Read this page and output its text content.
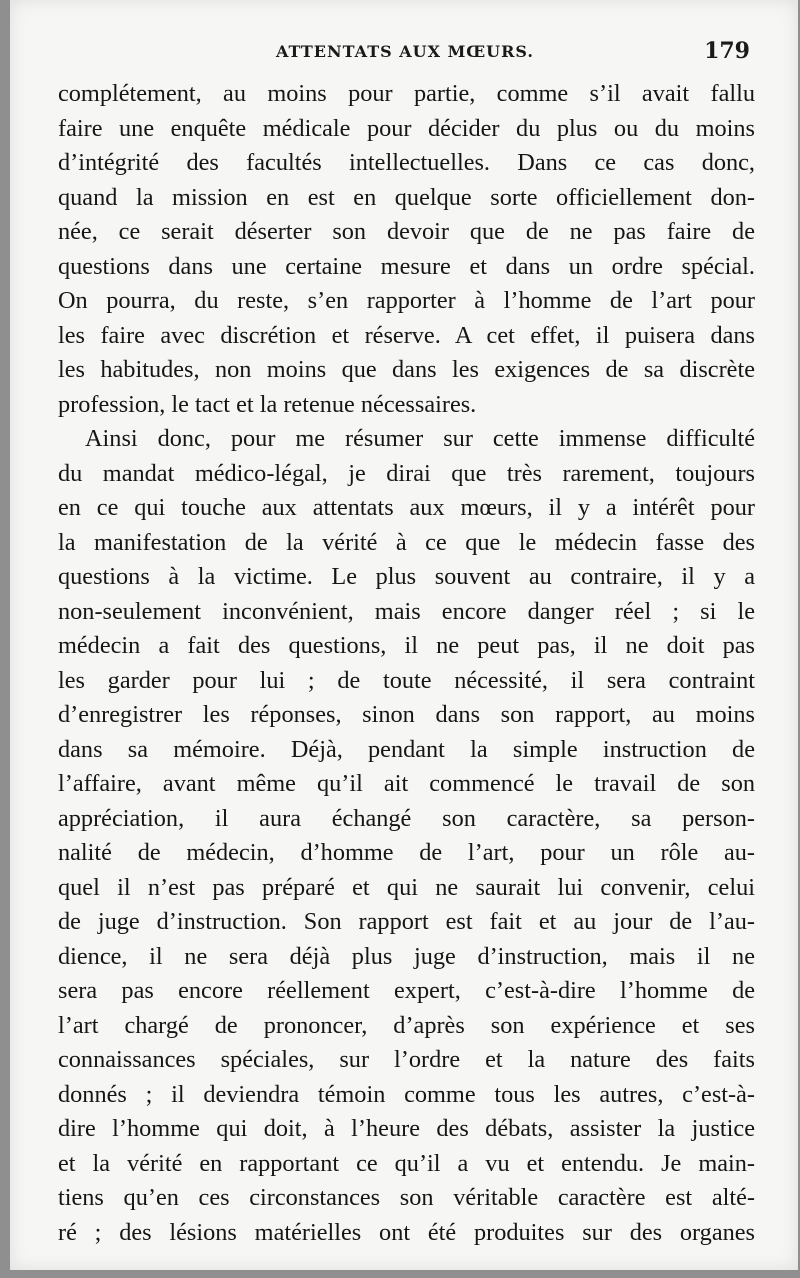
ATTENTATS AUX MŒURS.	179
complétement, au moins pour partie, comme s’il avait fallu
faire une enquête médicale pour décider du plus ou du moins
d’intégrité des facultés intellectuelles. Dans ce cas donc,
quand la mission en est en quelque sorte officiellement don-
née, ce serait déserter son devoir que de ne pas faire de
questions dans une certaine mesure et dans un ordre spécial.
On pourra, du reste, s’en rapporter à l’homme de l’art pour
les faire avec discrétion et réserve. A cet effet, il puisera dans
les habitudes, non moins que dans les exigences de sa discrète
profession, le tact et la retenue nécessaires.
Ainsi donc, pour me résumer sur cette immense difficulté
du mandat médico-légal, je dirai que très rarement, toujours
en ce qui touche aux attentats aux mœurs, il y a intérêt pour
la manifestation de la vérité à ce que le médecin fasse des
questions à la victime. Le plus souvent au contraire, il y a
non-seulement inconvénient, mais encore danger réel ; si le
médecin a fait des questions, il ne peut pas, il ne doit pas
les garder pour lui ; de toute nécessité, il sera contraint
d’enregistrer les réponses, sinon dans son rapport, au moins
dans sa mémoire. Déjà, pendant la simple instruction de
l’affaire, avant même qu’il ait commencé le travail de son
appréciation, il aura échangé son caractère, sa person-
nalité de médecin, d’homme de l’art, pour un rôle au-
quel il n’est pas préparé et qui ne saurait lui convenir, celui
de juge d’instruction. Son rapport est fait et au jour de l’au-
dience, il ne sera déjà plus juge d’instruction, mais il ne
sera pas encore réellement expert, c’est-à-dire l’homme de
l’art chargé de prononcer, d’après son expérience et ses
connaissances spéciales, sur l’ordre et la nature des faits
donnés ; il deviendra témoin comme tous les autres, c’est-à-
dire l’homme qui doit, à l’heure des débats, assister la justice
et la vérité en rapportant ce qu’il a vu et entendu. Je main-
tiens qu’en ces circonstances son véritable caractère est alté-
ré ; des lésions matérielles ont été produites sur des organes
